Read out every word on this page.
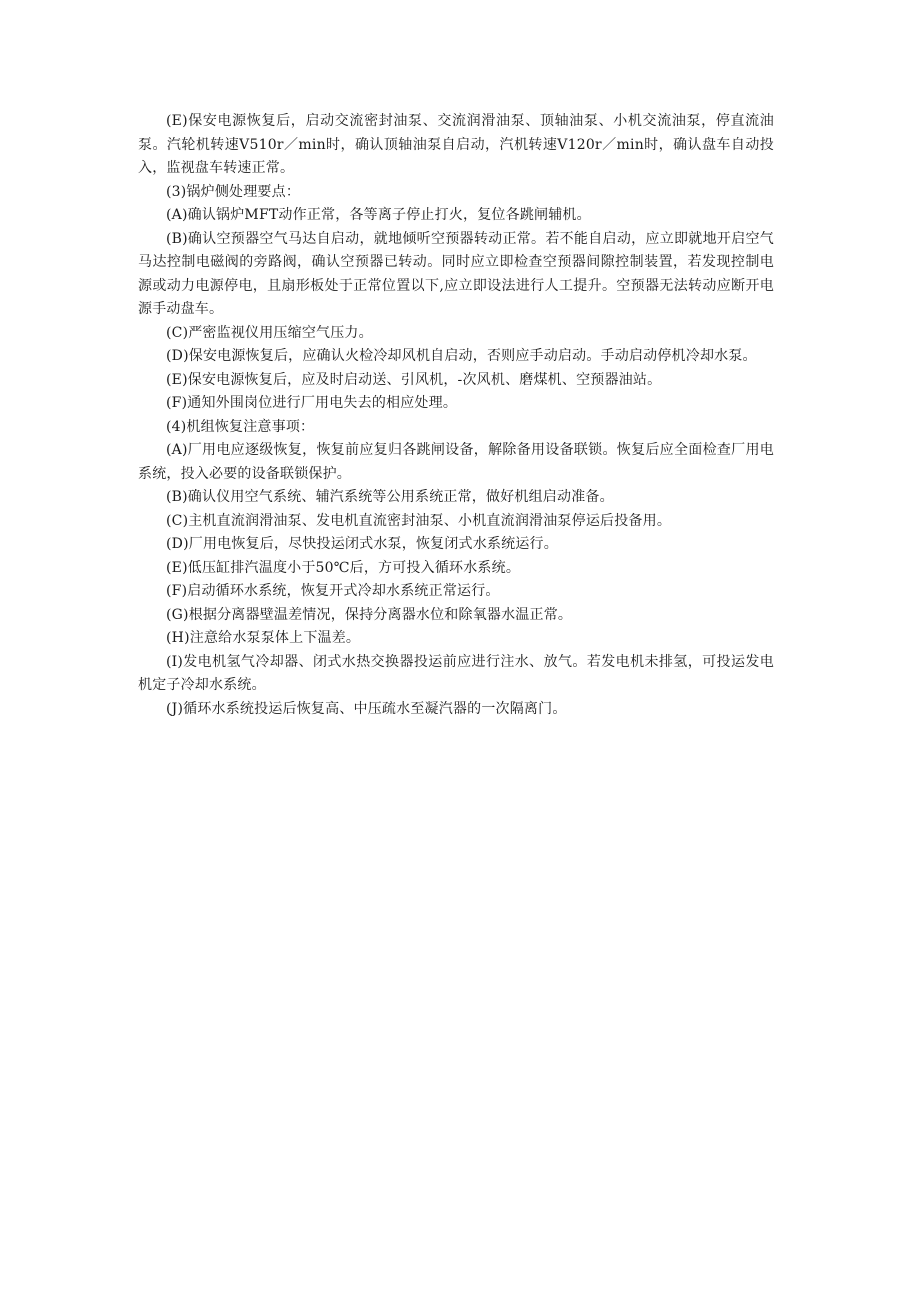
(E)保安电源恢复后，启动交流密封油泵、交流润滑油泵、顶轴油泵、小机交流油泵，停直流油泵。汽轮机转速V510r／min时，确认顶轴油泵自启动，汽机转速V120r／min时，确认盘车自动投入，监视盘车转速正常。

(3)锅炉侧处理要点：

(A)确认锅炉MFT动作正常，各等离子停止打火，复位各跳闸辅机。

(B)确认空预器空气马达自启动，就地倾听空预器转动正常。若不能自启动，应立即就地开启空气马达控制电磁阀的旁路阀，确认空预器已转动。同时应立即检查空预器间隙控制装置，若发现控制电源或动力电源停电，且扇形板处于正常位置以下,应立即设法进行人工提升。空预器无法转动应断开电源手动盘车。

(C)严密监视仪用压缩空气压力。

(D)保安电源恢复后，应确认火检冷却风机自启动，否则应手动启动。手动启动停机冷却水泵。

(E)保安电源恢复后，应及时启动送、引风机，-次风机、磨煤机、空预器油站。

(F)通知外围岗位进行厂用电失去的相应处理。

(4)机组恢复注意事项：

(A)厂用电应逐级恢复，恢复前应复归各跳闸设备，解除备用设备联锁。恢复后应全面检查厂用电系统，投入必要的设备联锁保护。

(B)确认仪用空气系统、辅汽系统等公用系统正常，做好机组启动准备。

(C)主机直流润滑油泵、发电机直流密封油泵、小机直流润滑油泵停运后投备用。

(D)厂用电恢复后，尽快投运闭式水泵，恢复闭式水系统运行。

(E)低压缸排汽温度小于50℃后，方可投入循环水系统。

(F)启动循环水系统，恢复开式冷却水系统正常运行。

(G)根据分离器壁温差情况，保持分离器水位和除氧器水温正常。

(H)注意给水泵泵体上下温差。

(I)发电机氢气冷却器、闭式水热交换器投运前应进行注水、放气。若发电机未排氢，可投运发电机定子冷却水系统。

(J)循环水系统投运后恢复高、中压疏水至凝汽器的一次隔离门。
